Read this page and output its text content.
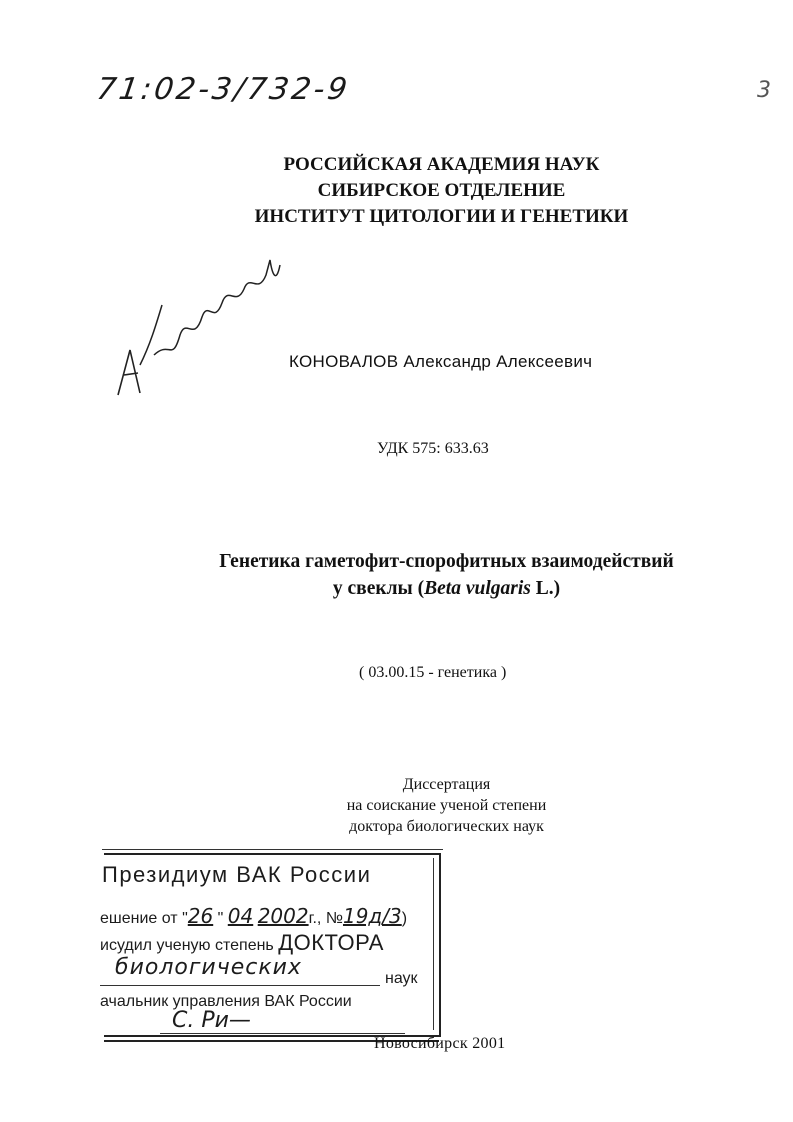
71:02-3/732-9	3
РОССИЙСКАЯ АКАДЕМИЯ НАУК
СИБИРСКОЕ ОТДЕЛЕНИЕ
ИНСТИТУТ ЦИТОЛОГИИ И ГЕНЕТИКИ
КОНОВАЛОВ Александр Алексеевич
УДК 575: 633.63
Генетика гаметофит-спорофитных взаимодействий
у свеклы (Beta vulgaris L.)
( 03.00.15 - генетика )
Диссертация
на соискание ученой степени
доктора биологических наук
Президиум ВАК России
ешение от "26 " 04 2002г., №19д/3)
исудил ученую степень ДОКТОРА
биологических	наук
ачальник управления ВАК России
С. Ри—
Новосибирск 2001
